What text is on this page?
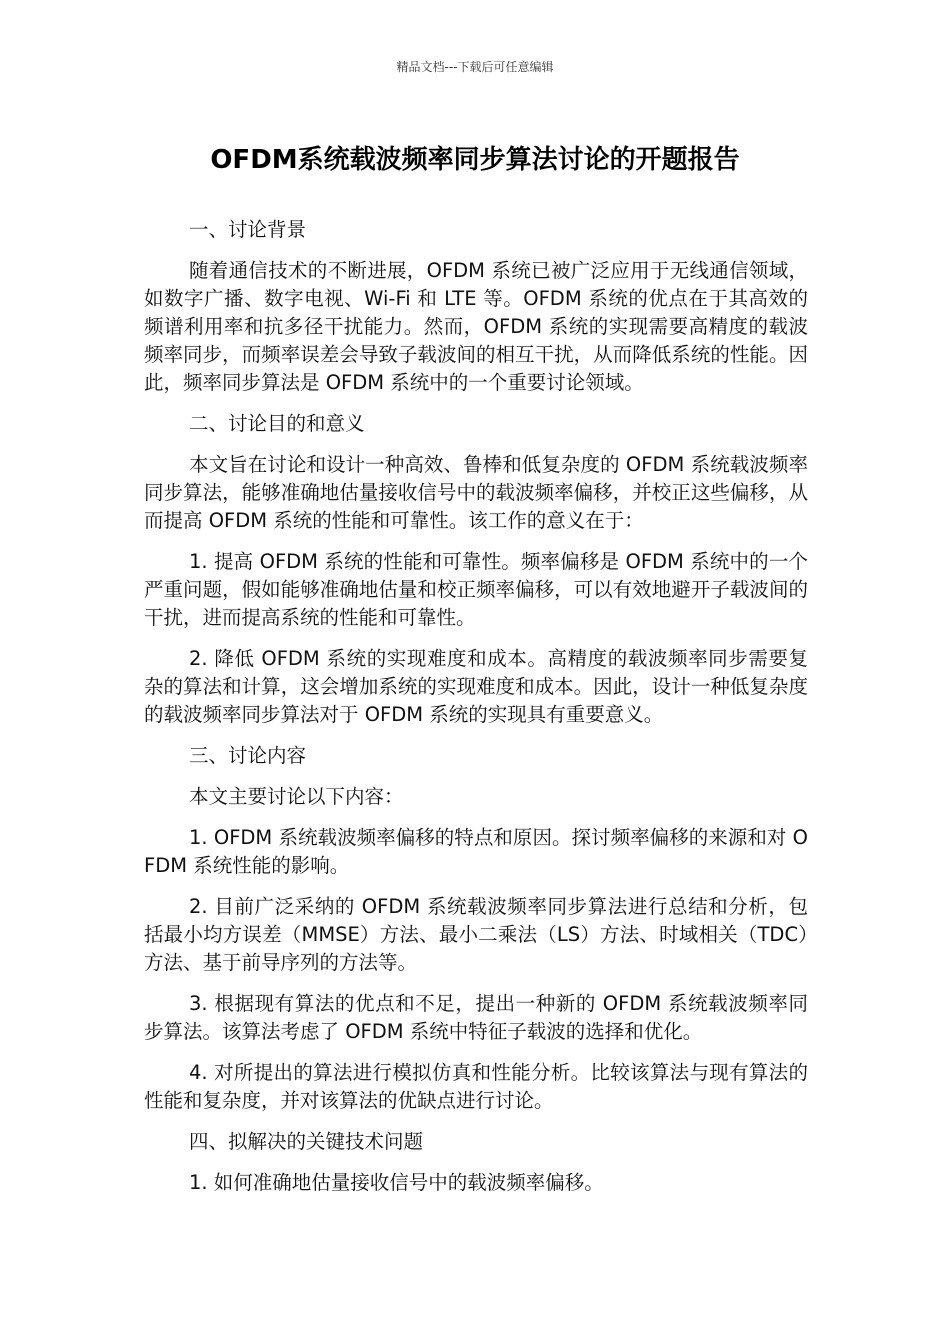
精品文档---下载后可任意编辑
OFDM系统载波频率同步算法讨论的开题报告

一、讨论背景

随着通信技术的不断进展，OFDM 系统已被广泛应用于无线通信领域，如数字广播、数字电视、Wi-Fi 和 LTE 等。OFDM 系统的优点在于其高效的频谱利用率和抗多径干扰能力。然而，OFDM 系统的实现需要高精度的载波频率同步，而频率误差会导致子载波间的相互干扰，从而降低系统的性能。因此，频率同步算法是 OFDM 系统中的一个重要讨论领域。

二、讨论目的和意义

本文旨在讨论和设计一种高效、鲁棒和低复杂度的 OFDM 系统载波频率同步算法，能够准确地估量接收信号中的载波频率偏移，并校正这些偏移，从而提高 OFDM 系统的性能和可靠性。该工作的意义在于：

1. 提高 OFDM 系统的性能和可靠性。频率偏移是 OFDM 系统中的一个严重问题，假如能够准确地估量和校正频率偏移，可以有效地避开子载波间的干扰，进而提高系统的性能和可靠性。

2. 降低 OFDM 系统的实现难度和成本。高精度的载波频率同步需要复杂的算法和计算，这会增加系统的实现难度和成本。因此，设计一种低复杂度的载波频率同步算法对于 OFDM 系统的实现具有重要意义。

三、讨论内容

本文主要讨论以下内容：

1. OFDM 系统载波频率偏移的特点和原因。探讨频率偏移的来源和对 OFDM 系统性能的影响。

2. 目前广泛采纳的 OFDM 系统载波频率同步算法进行总结和分析，包括最小均方误差（MMSE）方法、最小二乘法（LS）方法、时域相关（TDC）方法、基于前导序列的方法等。

3. 根据现有算法的优点和不足，提出一种新的 OFDM 系统载波频率同步算法。该算法考虑了 OFDM 系统中特征子载波的选择和优化。

4. 对所提出的算法进行模拟仿真和性能分析。比较该算法与现有算法的性能和复杂度，并对该算法的优缺点进行讨论。

四、拟解决的关键技术问题

1. 如何准确地估量接收信号中的载波频率偏移。
